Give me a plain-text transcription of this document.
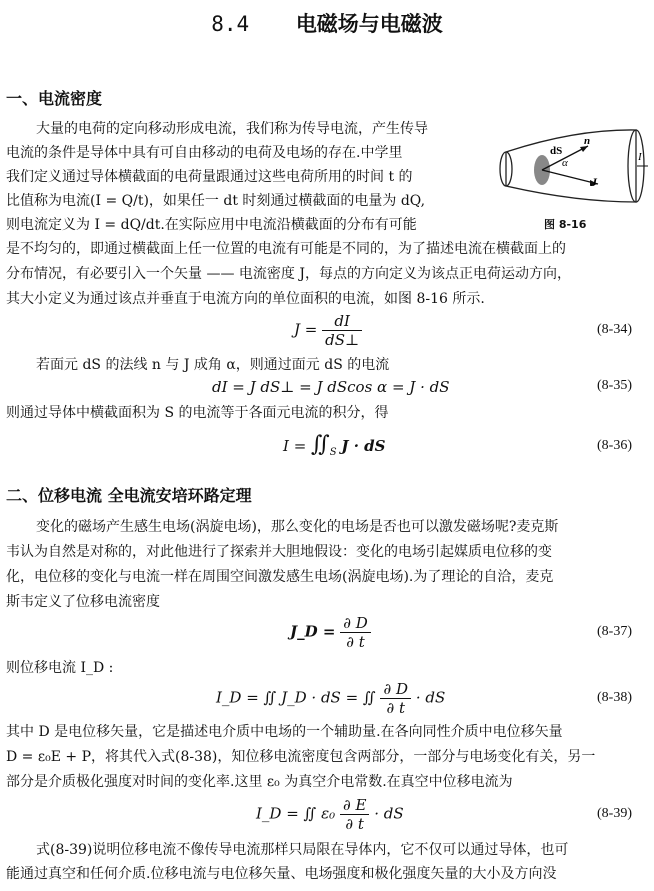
8.4 电磁场与电磁波
一、电流密度
大量的电荷的定向移动形成电流，我们称为传导电流，产生传导
电流的条件是导体中具有可自由移动的电荷及电场的存在.中学里
我们定义通过导体横截面的电荷量跟通过这些电荷所用的时间 t 的
比值称为电流(I = Q/t)，如果任一 dt 时刻通过横截面的电量为 dQ,
则电流定义为 I = dQ/dt.在实际应用中电流沿横截面的分布有可能
是不均匀的，即通过横截面上任一位置的电流有可能是不同的，为了描述电流在横截面上的
分布情况，有必要引入一个矢量 —— 电流密度 J，每点的方向定义为该点正电荷运动方向，
其大小定义为通过该点并垂直于电流方向的单位面积的电流，如图 8-16 所示.
dS
n
α
J
I
图 8-16
$J = \frac{dI}{dS\perp}$	(8-34)
若面元 dS 的法线 n 与 J 成角 α，则通过面元 dS 的电流
dI = J dS⊥ = J dScos α = J · dS	(8-35)
则通过导体中横截面积为 S 的电流等于各面元电流的积分，得
$I = ∬_S$ J · dS	(8-36)
二、位移电流 全电流安培环路定理
变化的磁场产生感生电场(涡旋电场)，那么变化的电场是否也可以激发磁场呢?麦克斯
韦认为自然是对称的，对此他进行了探索并大胆地假设：变化的电场引起媒质电位移的变
化，电位移的变化与电流一样在周围空间激发感生电场(涡旋电场).为了理论的自洽，麦克
斯韦定义了位移电流密度
J_D = $\frac{\partial D}{\partial t}$	(8-37)
则位移电流 I_D :
I_D = ∬ J_D · dS = ∬ $\frac{\partial D}{\partial t}$ · dS	(8-38)
其中 D 是电位移矢量，它是描述电介质中电场的一个辅助量.在各向同性介质中电位移矢量
D = ε₀E + P，将其代入式(8-38)，知位移电流密度包含两部分，一部分与电场变化有关，另一
部分是介质极化强度对时间的变化率.这里 ε₀ 为真空介电常数.在真空中位移电流为
I_D = ∬ $\varepsilon_0 \frac{\partial E}{\partial t}$ · dS	(8-39)
式(8-39)说明位移电流不像传导电流那样只局限在导体内，它不仅可以通过导体，也可
能通过真空和任何介质.位移电流与电位移矢量、电场强度和极化强度矢量的大小及方向没
